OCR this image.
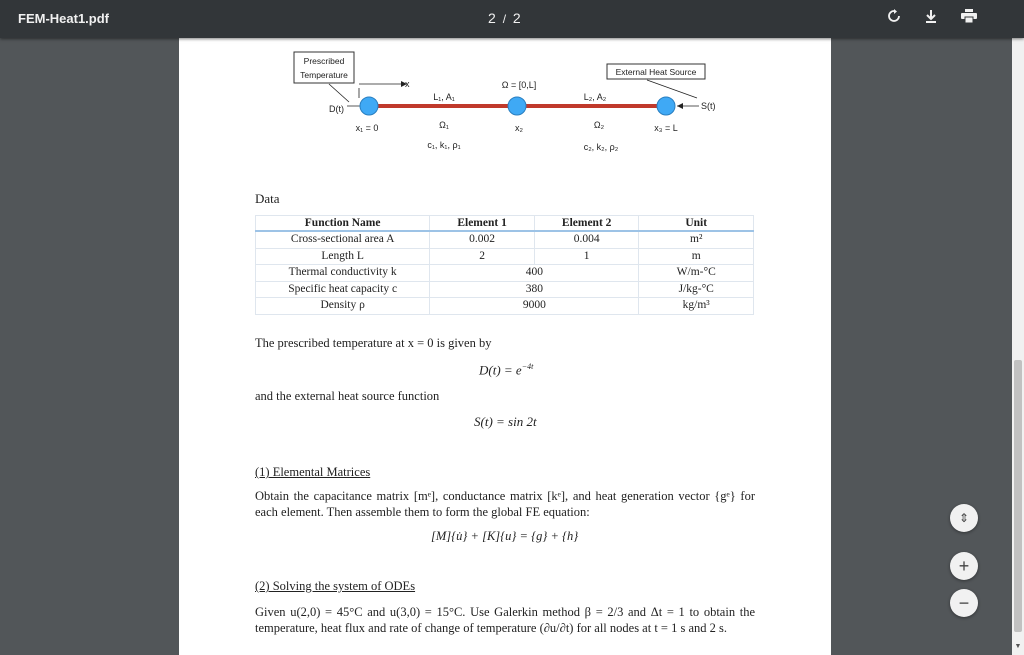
FEM-Heat1.pdf	2 / 2
Prescribed
Temperature
x
D(t)
Ω = [0,L]
L₁, A₁	L₂, A₂
External Heat Source
S(t)
x₁ = 0	x₂	x₃ = L
Ω₁	Ω₂
c₁, k₁, ρ₁	c₂, k₂, ρ₂
Data
Function Name	Element 1	Element 2	Unit
Cross-sectional area A	0.002	0.004	m²
Length L	2	1	m
Thermal conductivity k	400		W/m-°C
Specific heat capacity c	380		J/kg-°C
Density ρ	9000		kg/m³
The prescribed temperature at x = 0 is given by
$D(t) = e^{-4t}$
and the external heat source function
S(t) = sin 2t
(1) Elemental Matrices
Obtain the capacitance matrix [mᵉ], conductance matrix [kᵉ], and heat generation vector {gᵉ} for each element. Then assemble them to form the global FE equation:
[M]{u̇} + [K]{u} = {g} + {h}
(2) Solving the system of ODEs
Given u(2,0) = 45°C and u(3,0) = 15°C. Use Galerkin method β = 2/3 and Δt = 1 to obtain the temperature, heat flux and rate of change of temperature (∂u/∂t) for all nodes at t = 1 s and 2 s.
▼
⇕
+
−
